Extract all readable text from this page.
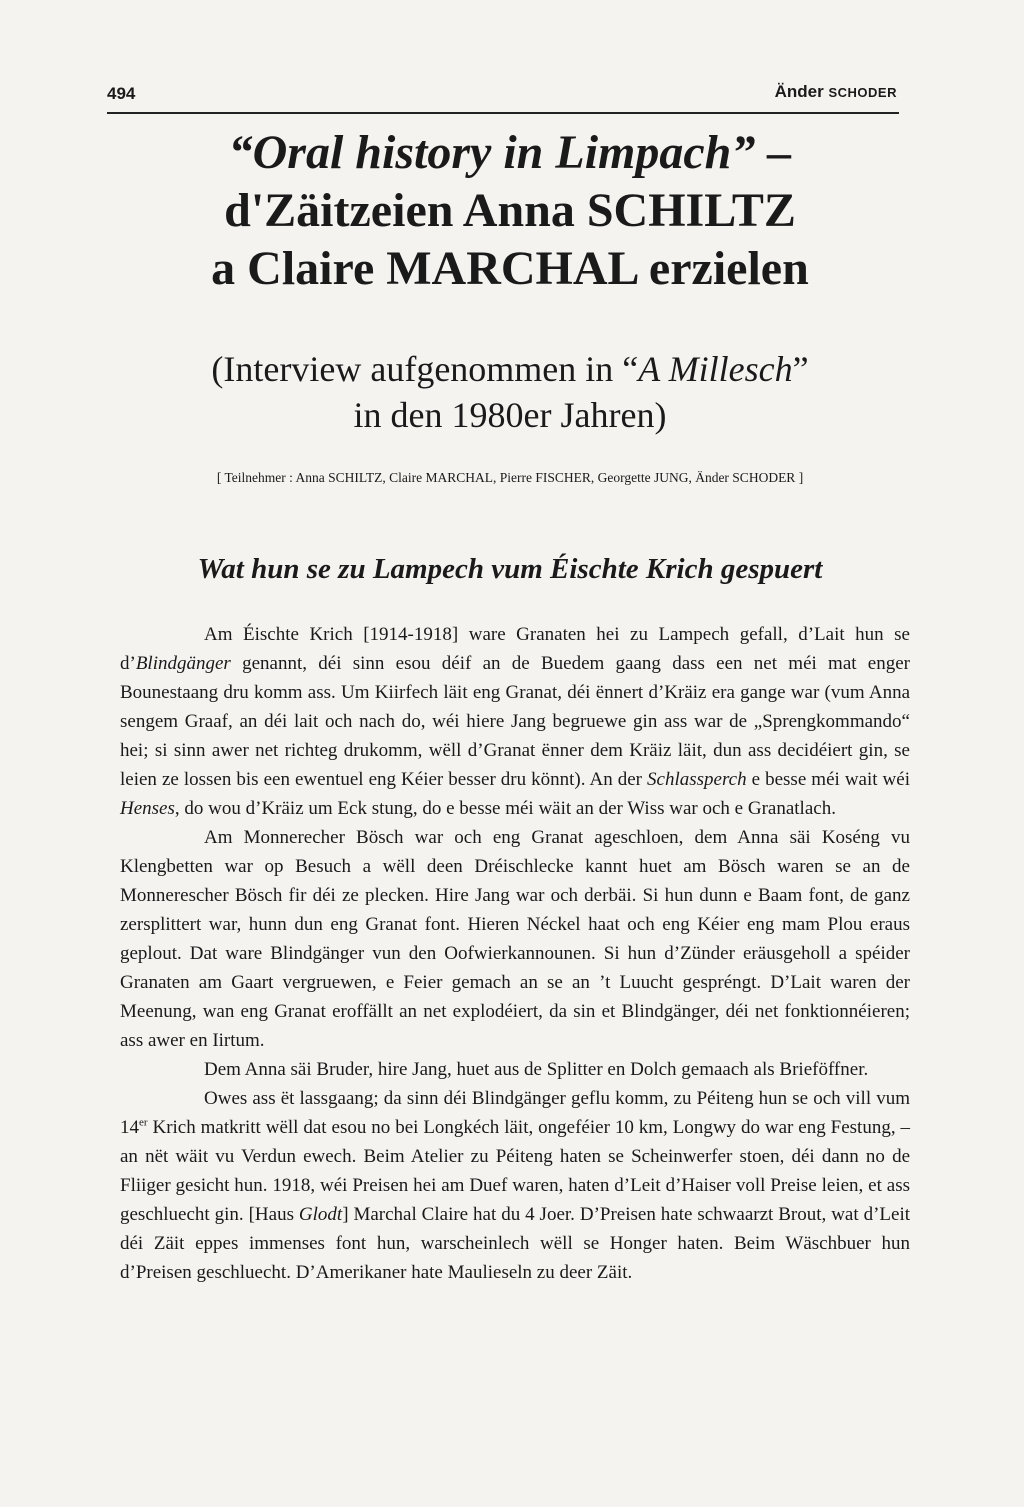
494	Änder SCHODER
“Oral history in Limpach” –
d'Zäitzeien Anna SCHILTZ
a Claire MARCHAL erzielen
(Interview aufgenommen in “A Millesch”
in den 1980er Jahren)
[ Teilnehmer : Anna SCHILTZ, Claire MARCHAL, Pierre FISCHER, Georgette JUNG, Änder SCHODER ]
Wat hun se zu Lampech vum Éischte Krich gespuert

Am Éischte Krich [1914-1918] ware Granaten hei zu Lampech gefall, d’Lait hun se d’Blindgänger genannt, déi sinn esou déif an de Buedem gaang dass een net méi mat enger Bounestaang dru komm ass. Um Kiirfech läit eng Granat, déi ënnert d’Kräiz era gange war (vum Anna sengem Graaf, an déi lait och nach do, wéi hiere Jang begruewe gin ass war de „Sprengkommando“ hei; si sinn awer net richteg drukomm, wëll d’Granat ënner dem Kräiz läit, dun ass decidéiert gin, se leien ze lossen bis een ewentuel eng Kéier besser dru könnt). An der Schlassperch e besse méi wait wéi Henses, do wou d’Kräiz um Eck stung, do e besse méi wäit an der Wiss war och e Granatlach.

Am Monnerecher Bösch war och eng Granat ageschloen, dem Anna säi Koséng vu Klengbetten war op Besuch a wëll deen Dréischlecke kannt huet am Bösch waren se an de Monnerescher Bösch fir déi ze plecken. Hire Jang war och derbäi. Si hun dunn e Baam font, de ganz zersplittert war, hunn dun eng Granat font. Hieren Néckel haat och eng Kéier eng mam Plou eraus geplout. Dat ware Blindgänger vun den Oofwierkannounen. Si hun d’Zünder eräusgeholl a spéider Granaten am Gaart vergruewen, e Feier gemach an se an ’t Luucht gespréngt. D’Lait waren der Meenung, wan eng Granat eroffällt an net explodéiert, da sin et Blindgänger, déi net fonktionnéieren; ass awer en Iirtum.

Dem Anna säi Bruder, hire Jang, huet aus de Splitter en Dolch gemaach als Brieföffner.

Owes ass ët lassgaang; da sinn déi Blindgänger geflu komm, zu Péiteng hun se och vill vum 14er Krich matkritt wëll dat esou no bei Longkéch läit, ongeféier 10 km, Longwy do war eng Festung, – an nët wäit vu Verdun ewech. Beim Atelier zu Péiteng haten se Scheinwerfer stoen, déi dann no de Fliiger gesicht hun. 1918, wéi Preisen hei am Duef waren, haten d’Leit d’Haiser voll Preise leien, et ass geschluecht gin. [Haus Glodt] Marchal Claire hat du 4 Joer. D’Preisen hate schwaarzt Brout, wat d’Leit déi Zäit eppes immenses font hun, warscheinlech wëll se Honger haten. Beim Wäschbuer hun d’Preisen geschluecht. D’Amerikaner hate Maulieseln zu deer Zäit.
